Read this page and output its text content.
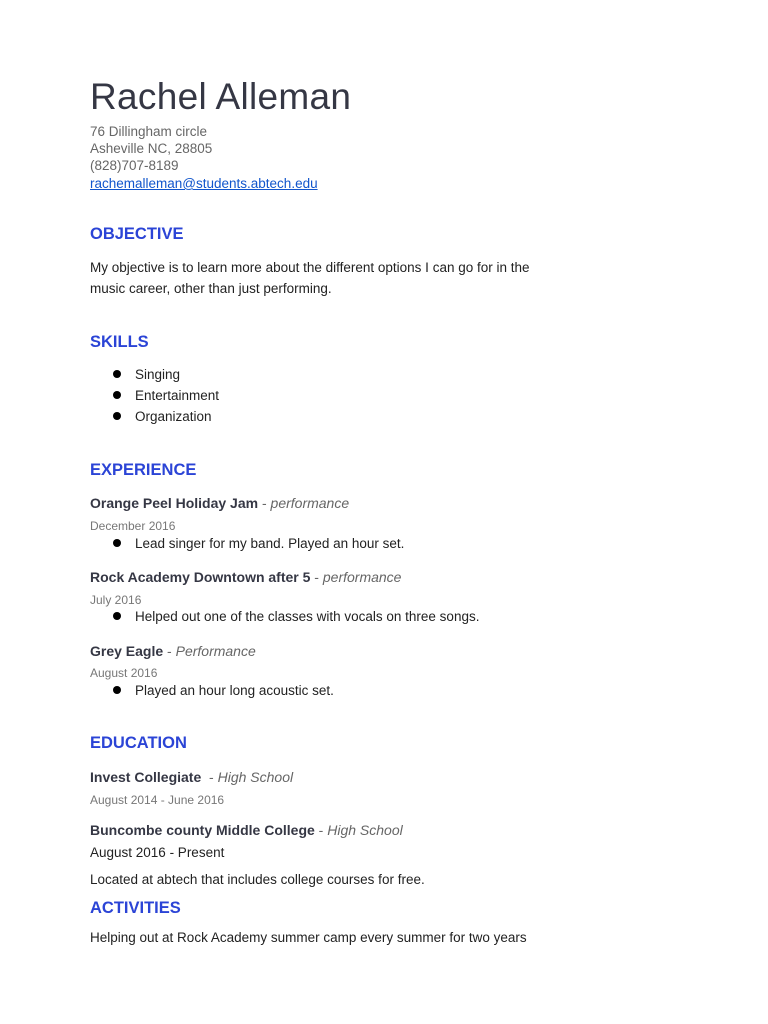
Rachel Alleman
76 Dillingham circle
Asheville NC, 28805
(828)707-8189
rachemalleman@students.abtech.edu
OBJECTIVE
My objective is to learn more about the different options I can go for in the
music career, other than just performing.
SKILLS
Singing
Entertainment
Organization
EXPERIENCE
Orange Peel Holiday Jam - performance
December 2016
Lead singer for my band. Played an hour set.
Rock Academy Downtown after 5 - performance
July 2016
Helped out one of the classes with vocals on three songs.
Grey Eagle - Performance
August 2016
Played an hour long acoustic set.
EDUCATION
Invest Collegiate  - High School
August 2014 - June 2016
Buncombe county Middle College - High School
August 2016 - Present
Located at abtech that includes college courses for free.
ACTIVITIES
Helping out at Rock Academy summer camp every summer for two years
